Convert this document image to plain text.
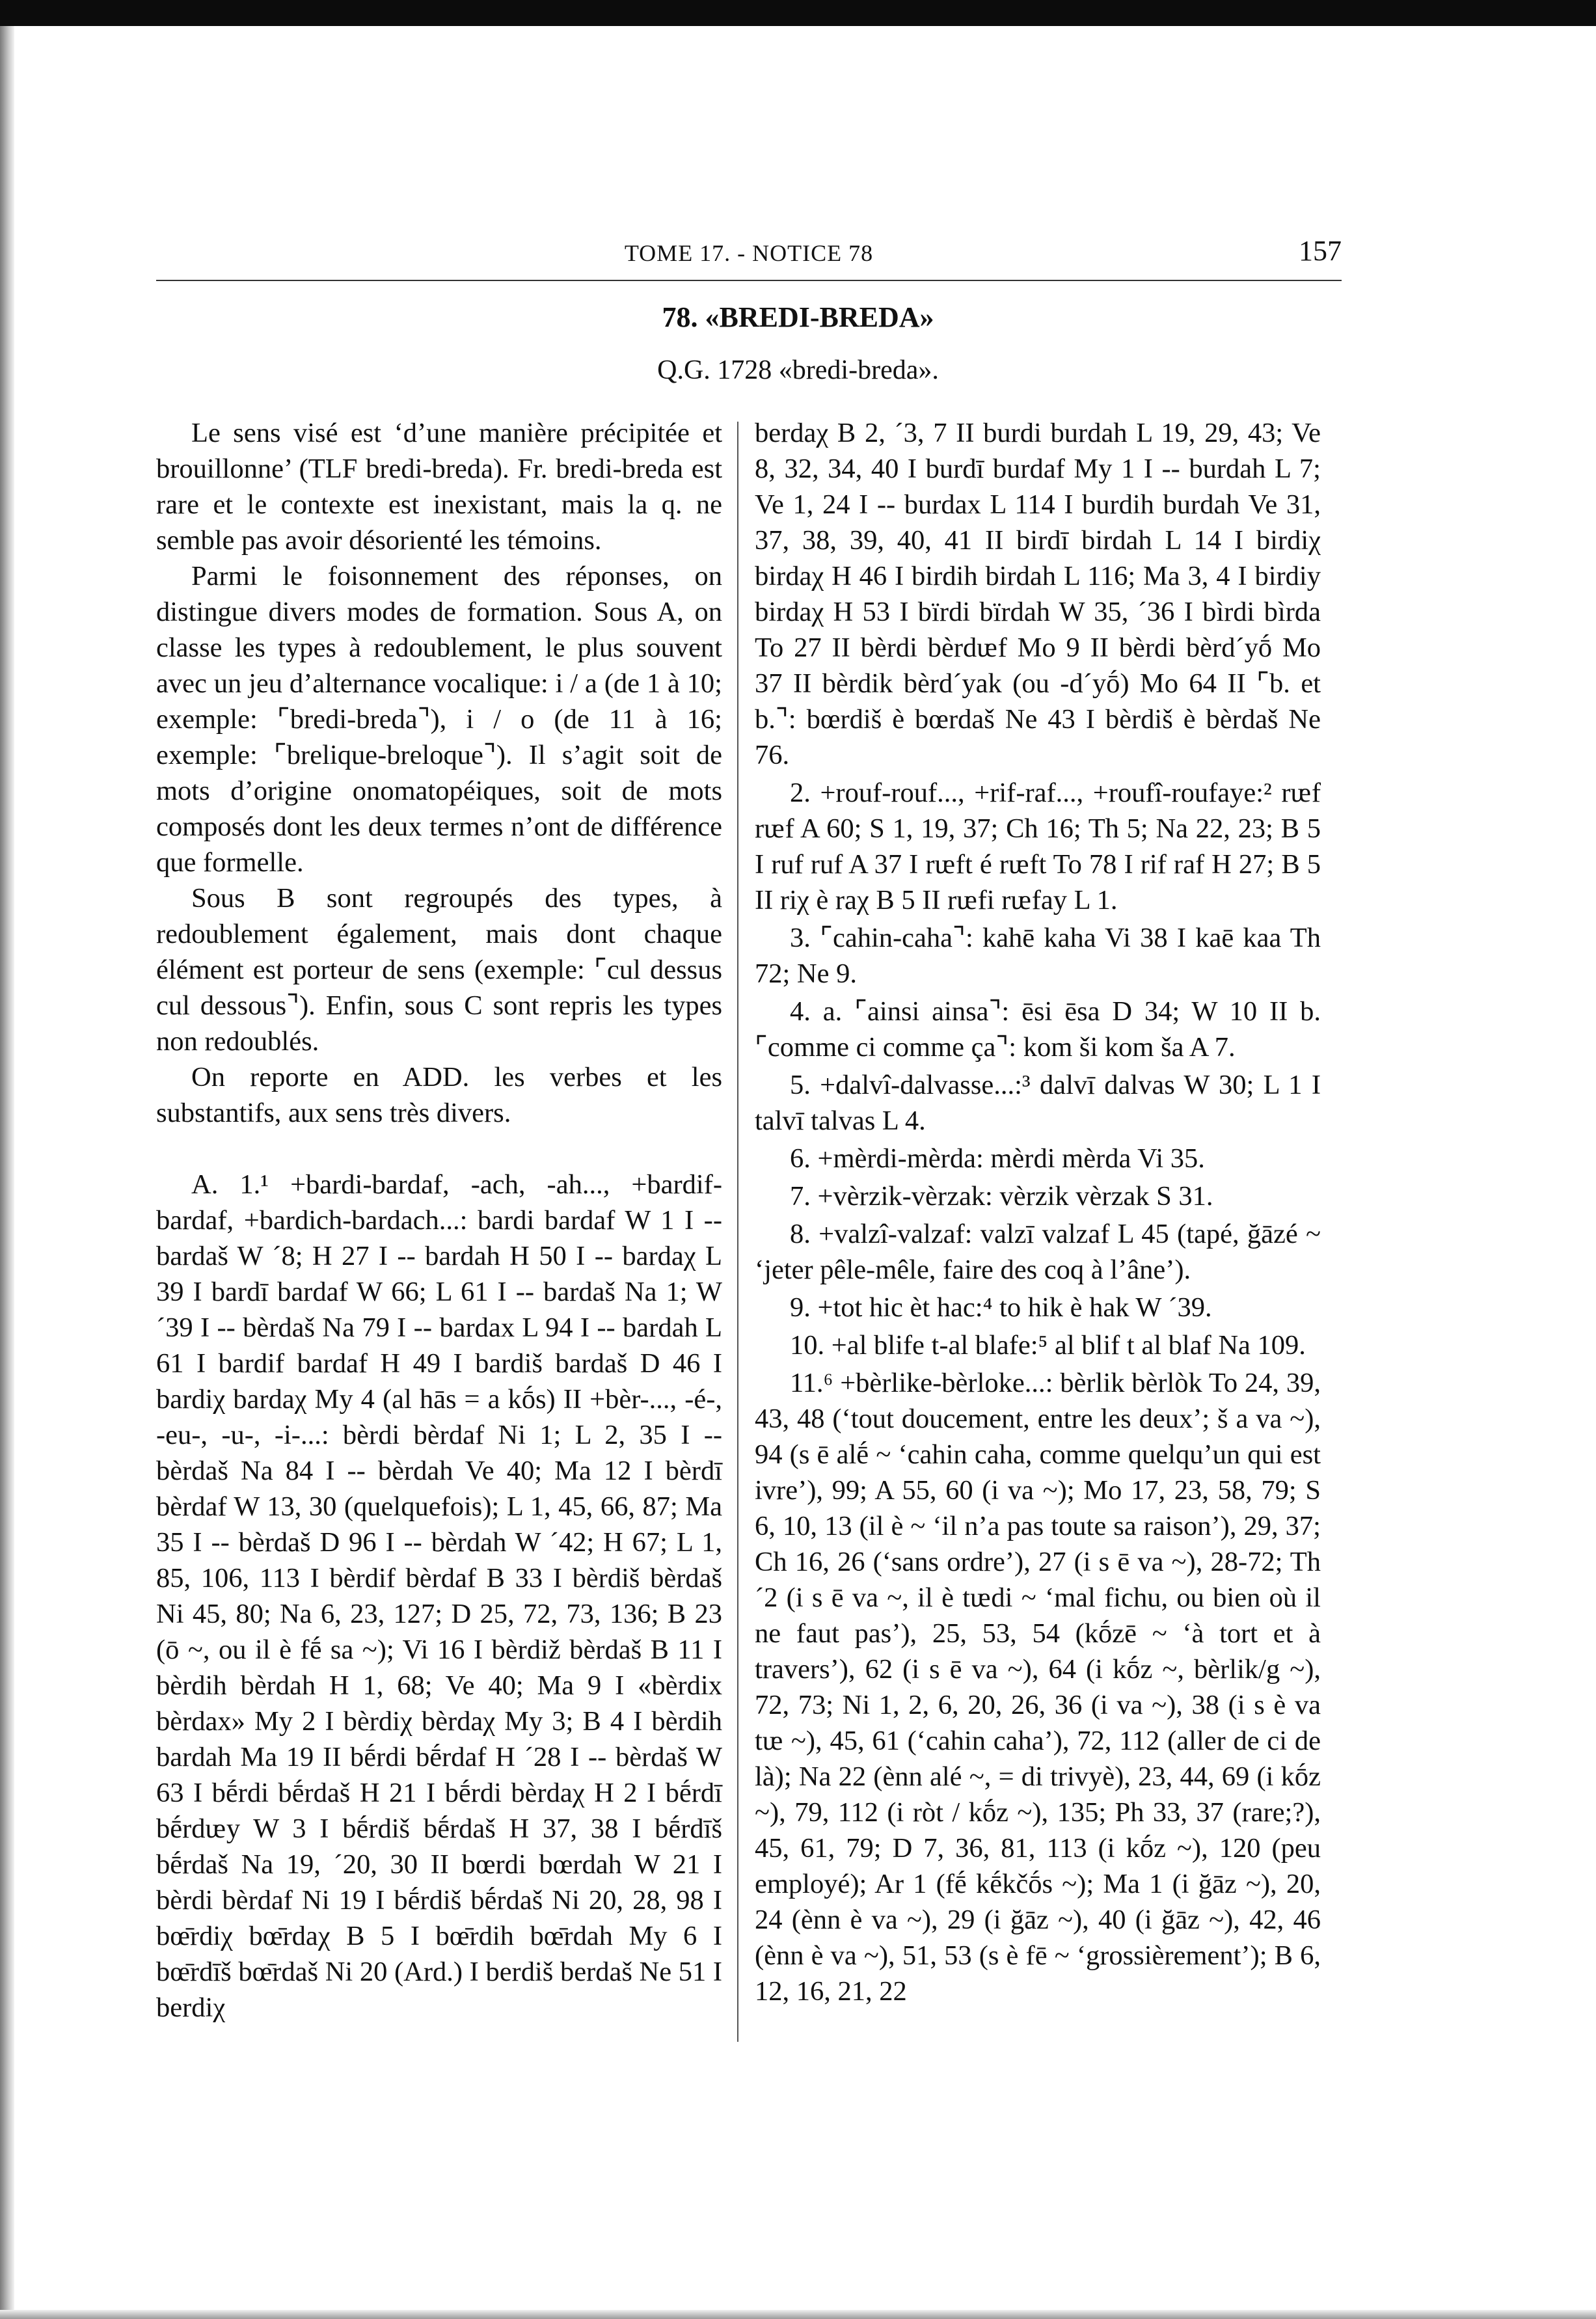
TOME 17. - NOTICE 78	157
78. «BREDI-BREDA»
Q.G. 1728 «bredi-breda».

Le sens visé est ‘d’une manière précipitée et brouillonne’ (TLF bredi-breda). Fr. bredi-breda est rare et le contexte est inexistant, mais la q. ne semble pas avoir désorienté les témoins.

Parmi le foisonnement des réponses, on distingue divers modes de formation. Sous A, on classe les types à redoublement, le plus souvent avec un jeu d’alternance vocalique: i / a (de 1 à 10; exemple: ⌜bredi-breda⌝), i / o (de 11 à 16; exemple: ⌜brelique-breloque⌝). Il s’agit soit de mots d’origine onomatopéiques, soit de mots composés dont les deux termes n’ont de différence que formelle.

Sous B sont regroupés des types, à redoublement également, mais dont chaque élément est porteur de sens (exemple: ⌜cul dessus cul dessous⌝). Enfin, sous C sont repris les types non redoublés.

On reporte en ADD. les verbes et les substantifs, aux sens très divers.

A. 1.¹ +bardi-bardaf, -ach, -ah..., +bardif-bardaf, +bardich-bardach...: bardi bardaf W 1 I -- bardaš W ´8; H 27 I -- bardah H 50 I -- bardaχ L 39 I bardī bardaf W 66; L 61 I -- bardaš Na 1; W ´39 I -- bèrdaš Na 79 I -- bardax L 94 I -- bardah L 61 I bardif bardaf H 49 I bardiš bardaš D 46 I bardiχ bardaχ My 4 (al hās = a kṓs) II +bèr-..., -é-, -eu-, -u-, -i-...: bèrdi bèrdaf Ni 1; L 2, 35 I -- bèrdaš Na 84 I -- bèrdah Ve 40; Ma 12 I bèrdī bèrdaf W 13, 30 (quelquefois); L 1, 45, 66, 87; Ma 35 I -- bèrdaš D 96 I -- bèrdah W ´42; H 67; L 1, 85, 106, 113 I bèrdif bèrdaf B 33 I bèrdiš bèrdaš Ni 45, 80; Na 6, 23, 127; D 25, 72, 73, 136; B 23 (ō ~, ou il è fḗ sa ~); Vi 16 I bèrdiž bèrdaš B 11 I bèrdih bèrdah H 1, 68; Ve 40; Ma 9 I «bèrdix bèrdax» My 2 I bèrdiχ bèrdaχ My 3; B 4 I bèrdih bardah Ma 19 II bḗrdi bḗrdaf H ´28 I -- bèrdaš W 63 I bḗrdi bḗrdaš H 21 I bḗrdi bèrdaχ H 2 I bḗrdī bḗrdᵫy W 3 I bḗrdiš bḗrdaš H 37, 38 I bḗrdīš bḗrdaš Na 19, ´20, 30 II bœrdi bœrdah W 21 I bèrdi bèrdaf Ni 19 I bḗrdiš bḗrdaš Ni 20, 28, 98 I bœ̄rdiχ bœ̄rdaχ B 5 I bœ̄rdih bœ̄rdah My 6 I bœ̄rdīš bœ̄rdaš Ni 20 (Ard.) I berdiš berdaš Ne 51 I berdiχ

berdaχ B 2, ´3, 7 II burdi burdah L 19, 29, 43; Ve 8, 32, 34, 40 I burdī burdaf My 1 I -- burdah L 7; Ve 1, 24 I -- burdax L 114 I burdih burdah Ve 31, 37, 38, 39, 40, 41 II birdī birdah L 14 I birdiχ birdaχ H 46 I birdih birdah L 116; Ma 3, 4 I birdiy birdaχ H 53 I bïrdi bïrdah W 35, ´36 I bìrdi bìrda To 27 II bèrdi bèrdᵫf Mo 9 II bèrdi bèrd´yṓ Mo 37 II bèrdik bèrd´yak (ou -d´yṓ) Mo 64 II ⌜b. et b.⌝: bœrdiš è bœrdaš Ne 43 I bèrdiš è bèrdaš Ne 76.

2. +rouf-rouf..., +rif-raf..., +roufî-roufaye:² rᵫf rᵫf A 60; S 1, 19, 37; Ch 16; Th 5; Na 22, 23; B 5 I ruf ruf A 37 I rᵫft é rᵫft To 78 I rif raf H 27; B 5 II riχ è raχ B 5 II rᵫfi rᵫfay L 1.

3. ⌜cahin-caha⌝: kahē kaha Vi 38 I kaē kaa Th 72; Ne 9.

4. a. ⌜ainsi ainsa⌝: ēsi ēsa D 34; W 10 II b. ⌜comme ci comme ça⌝: kom ši kom ša A 7.

5. +dalvî-dalvasse...:³ dalvī dalvas W 30; L 1 I talvī talvas L 4.

6. +mèrdi-mèrda: mèrdi mèrda Vi 35.

7. +vèrzik-vèrzak: vèrzik vèrzak S 31.

8. +valzî-valzaf: valzī valzaf L 45 (tapé, ğāzé ~ ‘jeter pêle-mêle, faire des coq à l’âne’).

9. +tot hic èt hac:⁴ to hik è hak W ´39.

10. +al blife t-al blafe:⁵ al blif t al blaf Na 109.

11.⁶ +bèrlike-bèrloke...: bèrlik bèrlòk To 24, 39, 43, 48 (‘tout doucement, entre les deux’; š a va ~), 94 (s ē alḗ ~ ‘cahin caha, comme quelqu’un qui est ivre’), 99; A 55, 60 (i va ~); Mo 17, 23, 58, 79; S 6, 10, 13 (il è ~ ‘il n’a pas toute sa raison’), 29, 37; Ch 16, 26 (‘sans ordre’), 27 (i s ē va ~), 28-72; Th ´2 (i s ē va ~, il è tᵫdi ~ ‘mal fichu, ou bien où il ne faut pas’), 25, 53, 54 (kṓzē ~ ‘à tort et à travers’), 62 (i s ē va ~), 64 (i kṓz ~, bèrlik/g ~), 72, 73; Ni 1, 2, 6, 20, 26, 36 (i va ~), 38 (i s è va tᵫ ~), 45, 61 (‘cahin caha’), 72, 112 (aller de ci de là); Na 22 (ènn alé ~, = di trivyè), 23, 44, 69 (i kṓz ~), 79, 112 (i ròt / kṓz ~), 135; Ph 33, 37 (rare;?), 45, 61, 79; D 7, 36, 81, 113 (i kṓz ~), 120 (peu employé); Ar 1 (fḗ kḗkčṓs ~); Ma 1 (i ğāz ~), 20, 24 (ènn è va ~), 29 (i ğāz ~), 40 (i ğāz ~), 42, 46 (ènn è va ~), 51, 53 (s è fē ~ ‘grossièrement’); B 6, 12, 16, 21, 22
